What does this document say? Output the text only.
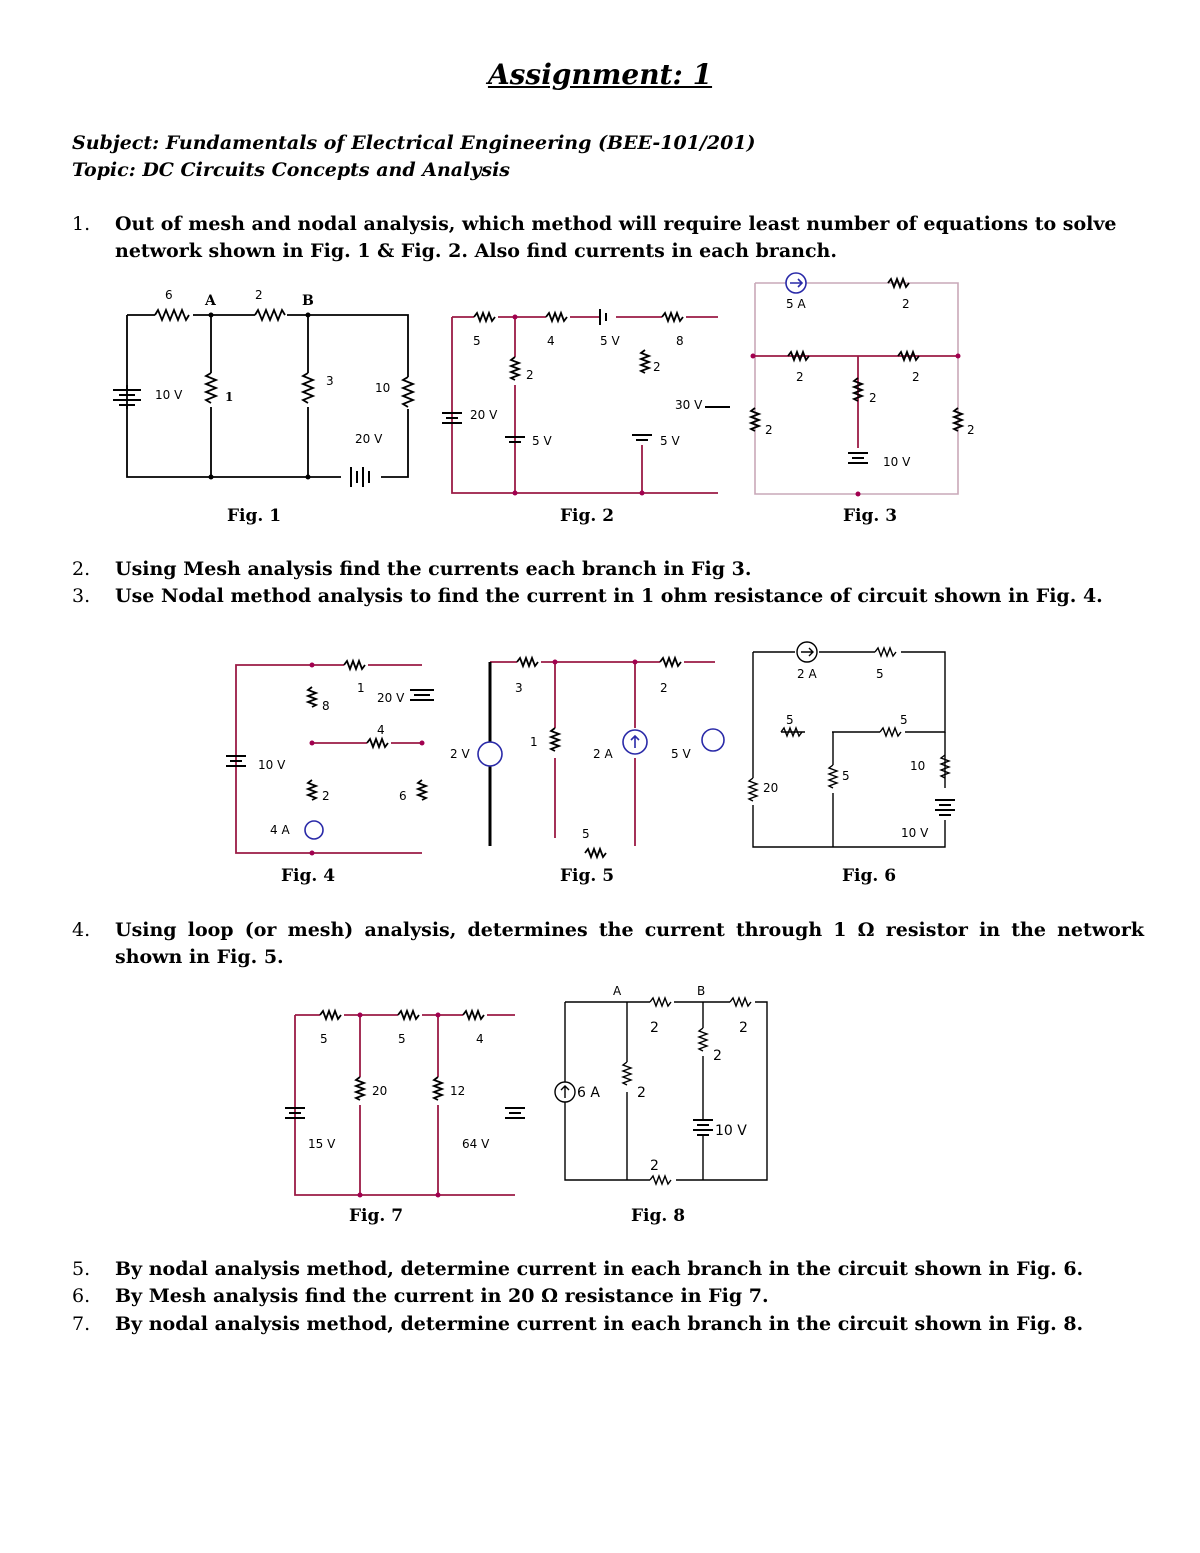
Assignment: 1
Subject: Fundamentals of Electrical Engineering (BEE-101/201)
Topic: DC Circuits Concepts and Analysis
1. Out of mesh and nodal analysis, which method will require least number of equations to solve network shown in Fig. 1 & Fig. 2. Also find currents in each branch.
6 A	2	B
10 V	1
3	10
20 V
Fig. 1
5	4	5 V	8
2
2
20 V
30 V
5 V	5 V
Fig. 2
5 A	2
2	2
2
2	2
10 V
Fig. 3
2. Using Mesh analysis find the currents each branch in Fig 3.
3. Use Nodal method analysis to find the current in 1 ohm resistance of circuit shown in Fig. 4.
1
8
20 V
4
10 V
2	6
4 A
Fig. 4
3	2
2 V
1
2 A	5 V
5
Fig. 5
2 A	5
5	5
20
5
10
10 V
Fig. 6
4. Using loop (or mesh) analysis, determines the current through 1 Ω resistor in the network shown in Fig. 5.
5	5	4
20	12
15 V	64 V
Fig. 7
A	B
2	2
2
6 A	2
10 V
2
Fig. 8
5. By nodal analysis method, determine current in each branch in the circuit shown in Fig. 6.
6. By Mesh analysis find the current in 20 Ω resistance in Fig 7.
7. By nodal analysis method, determine current in each branch in the circuit shown in Fig. 8.
